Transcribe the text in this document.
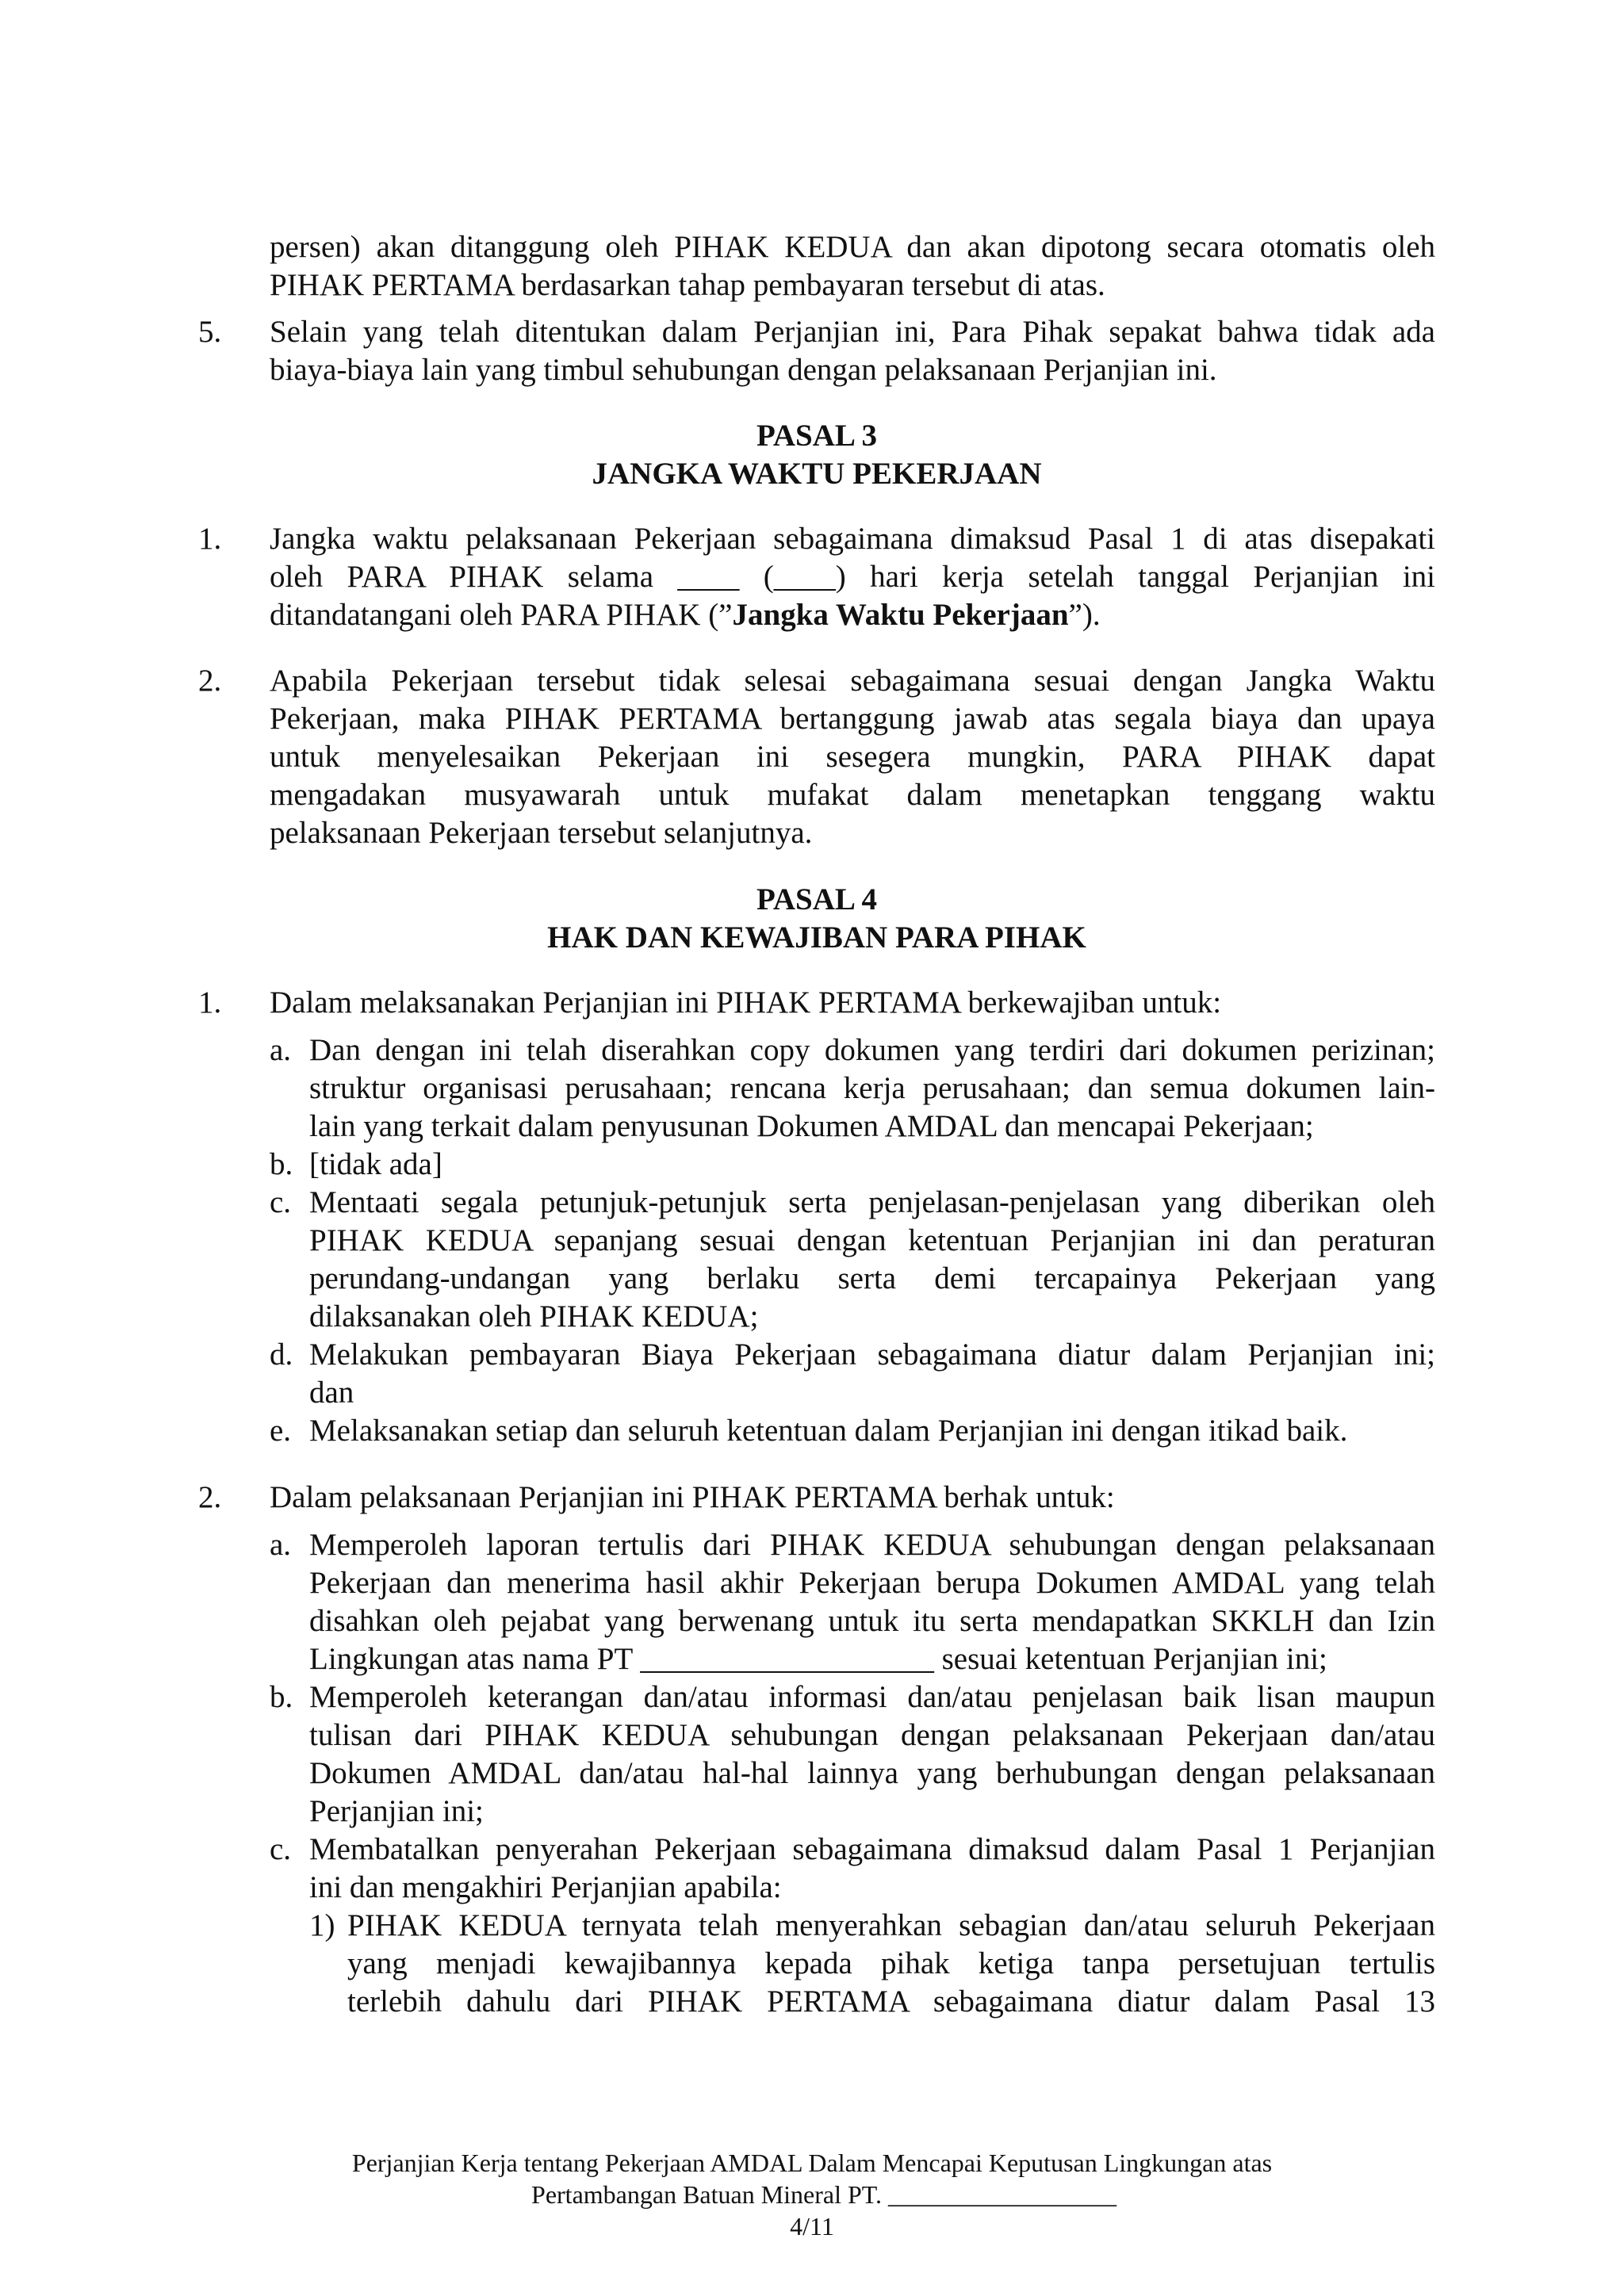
persen) akan ditanggung oleh PIHAK KEDUA dan akan dipotong secara otomatis oleh
PIHAK PERTAMA berdasarkan tahap pembayaran tersebut di atas.
5. Selain yang telah ditentukan dalam Perjanjian ini, Para Pihak sepakat bahwa tidak ada
biaya-biaya lain yang timbul sehubungan dengan pelaksanaan Perjanjian ini.
PASAL 3
JANGKA WAKTU PEKERJAAN
1. Jangka waktu pelaksanaan Pekerjaan sebagaimana dimaksud Pasal 1 di atas disepakati
oleh PARA PIHAK selama ____ (____) hari kerja setelah tanggal Perjanjian ini
ditandatangani oleh PARA PIHAK (”Jangka Waktu Pekerjaan”).
2. Apabila Pekerjaan tersebut tidak selesai sebagaimana sesuai dengan Jangka Waktu
Pekerjaan, maka PIHAK PERTAMA bertanggung jawab atas segala biaya dan upaya
untuk menyelesaikan Pekerjaan ini sesegera mungkin, PARA PIHAK dapat
mengadakan musyawarah untuk mufakat dalam menetapkan tenggang waktu
pelaksanaan Pekerjaan tersebut selanjutnya.
PASAL 4
HAK DAN KEWAJIBAN PARA PIHAK
1. Dalam melaksanakan Perjanjian ini PIHAK PERTAMA berkewajiban untuk:
a. Dan dengan ini telah diserahkan copy dokumen yang terdiri dari dokumen perizinan;
struktur organisasi perusahaan; rencana kerja perusahaan; dan semua dokumen lain-
lain yang terkait dalam penyusunan Dokumen AMDAL dan mencapai Pekerjaan;
b. [tidak ada]
c. Mentaati segala petunjuk-petunjuk serta penjelasan-penjelasan yang diberikan oleh
PIHAK KEDUA sepanjang sesuai dengan ketentuan Perjanjian ini dan peraturan
perundang-undangan yang berlaku serta demi tercapainya Pekerjaan yang
dilaksanakan oleh PIHAK KEDUA;
d. Melakukan pembayaran Biaya Pekerjaan sebagaimana diatur dalam Perjanjian ini;
dan
e. Melaksanakan setiap dan seluruh ketentuan dalam Perjanjian ini dengan itikad baik.
2. Dalam pelaksanaan Perjanjian ini PIHAK PERTAMA berhak untuk:
a. Memperoleh laporan tertulis dari PIHAK KEDUA sehubungan dengan pelaksanaan
Pekerjaan dan menerima hasil akhir Pekerjaan berupa Dokumen AMDAL yang telah
disahkan oleh pejabat yang berwenang untuk itu serta mendapatkan SKKLH dan Izin
Lingkungan atas nama PT ___________________ sesuai ketentuan Perjanjian ini;
b. Memperoleh keterangan dan/atau informasi dan/atau penjelasan baik lisan maupun
tulisan dari PIHAK KEDUA sehubungan dengan pelaksanaan Pekerjaan dan/atau
Dokumen AMDAL dan/atau hal-hal lainnya yang berhubungan dengan pelaksanaan
Perjanjian ini;
c. Membatalkan penyerahan Pekerjaan sebagaimana dimaksud dalam Pasal 1 Perjanjian
ini dan mengakhiri Perjanjian apabila:
1) PIHAK KEDUA ternyata telah menyerahkan sebagian dan/atau seluruh Pekerjaan
yang menjadi kewajibannya kepada pihak ketiga tanpa persetujuan tertulis
terlebih dahulu dari PIHAK PERTAMA sebagaimana diatur dalam Pasal 13
Perjanjian Kerja tentang Pekerjaan AMDAL Dalam Mencapai Keputusan Lingkungan atas
Pertambangan Batuan Mineral PT. __________________
4/11
